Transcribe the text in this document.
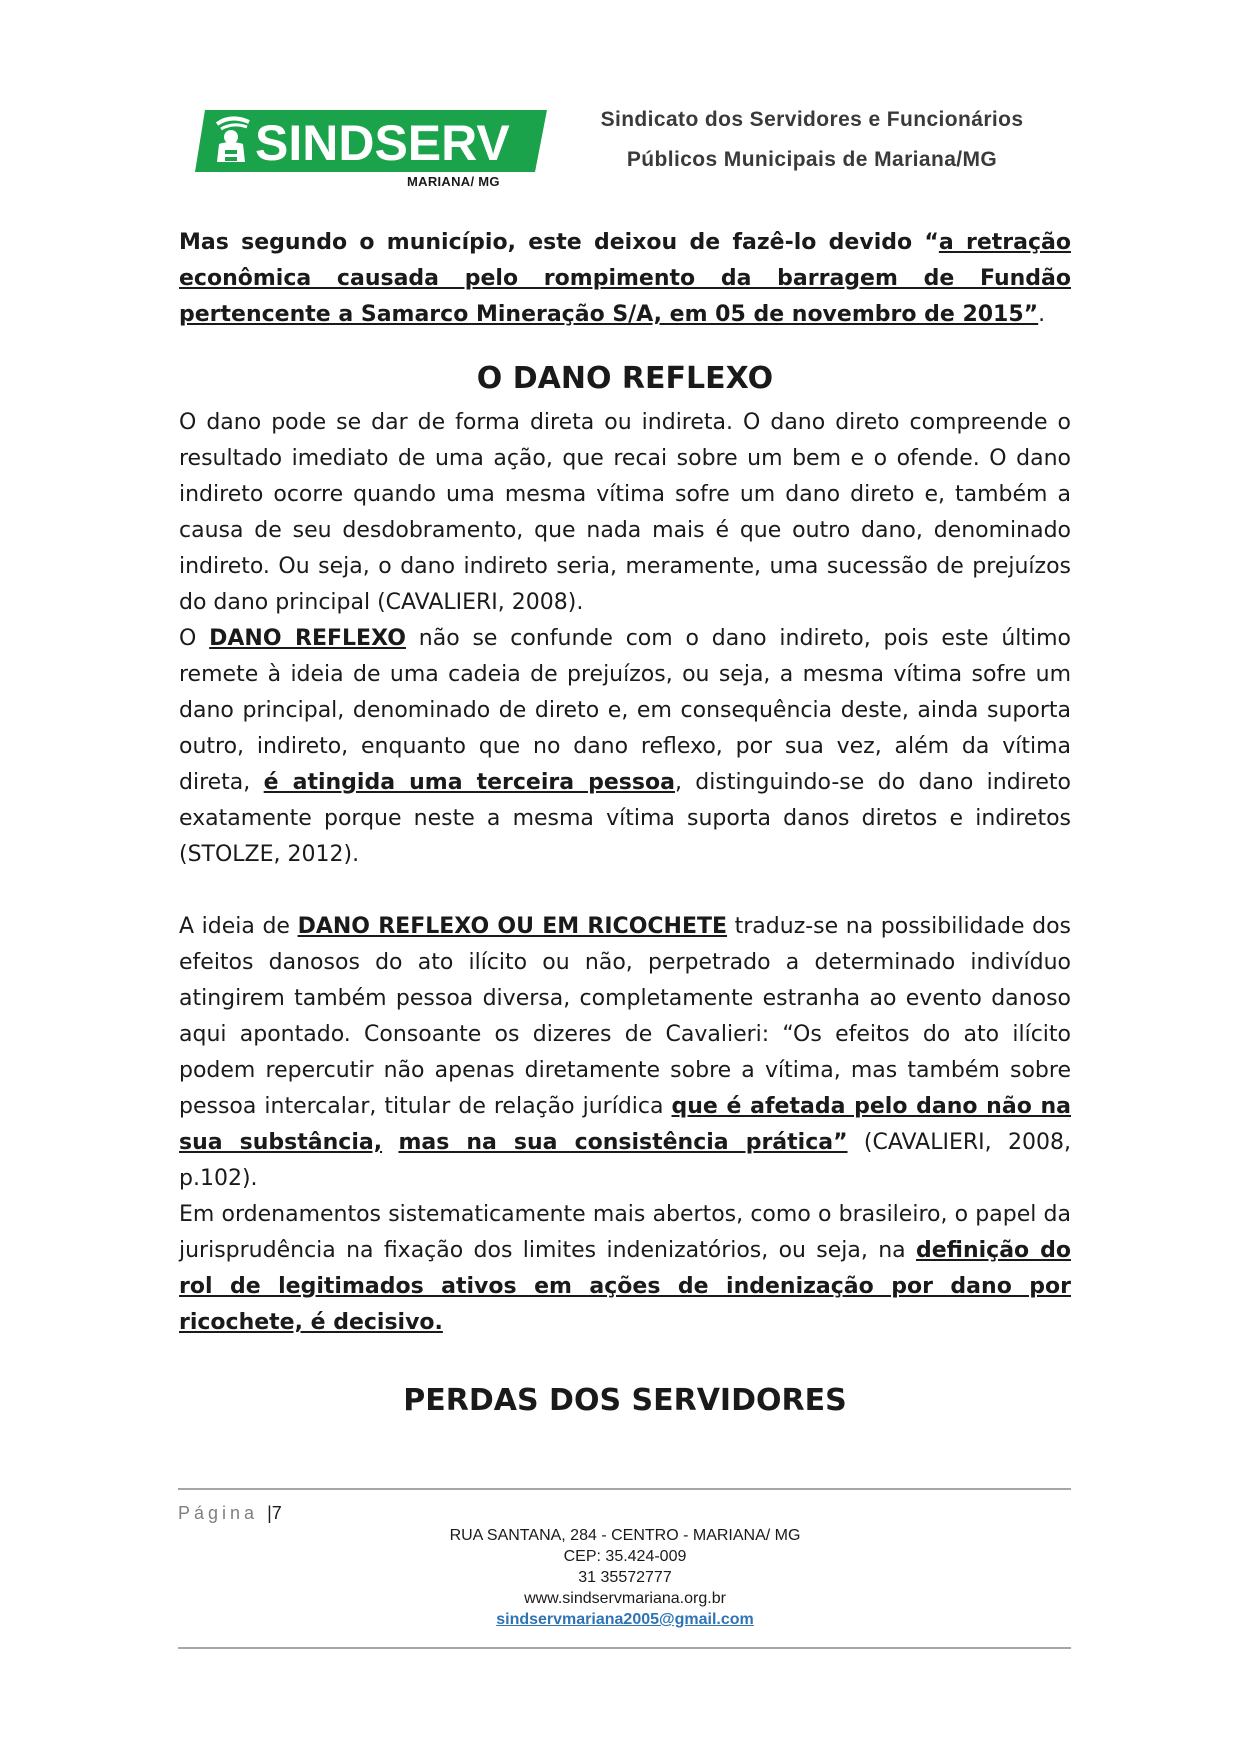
SINDSERV
MARIANA/ MG
Sindicato dos Servidores e Funcionários
Públicos Municipais de Mariana/MG

Mas segundo o município, este deixou de fazê-lo devido “a retração econômica causada pelo rompimento da barragem de Fundão pertencente a Samarco Mineração S/A, em 05 de novembro de 2015”.

O DANO REFLEXO

O dano pode se dar de forma direta ou indireta. O dano direto compreende o resultado imediato de uma ação, que recai sobre um bem e o ofende. O dano indireto ocorre quando uma mesma vítima sofre um dano direto e, também a causa de seu desdobramento, que nada mais é que outro dano, denominado indireto. Ou seja, o dano indireto seria, meramente, uma sucessão de prejuízos do dano principal (CAVALIERI, 2008).

O DANO REFLEXO não se confunde com o dano indireto, pois este último remete à ideia de uma cadeia de prejuízos, ou seja, a mesma vítima sofre um dano principal, denominado de direto e, em consequência deste, ainda suporta outro, indireto, enquanto que no dano reflexo, por sua vez, além da vítima direta, é atingida uma terceira pessoa, distinguindo-se do dano indireto exatamente porque neste a mesma vítima suporta danos diretos e indiretos (STOLZE, 2012).

A ideia de DANO REFLEXO OU EM RICOCHETE traduz-se na possibilidade dos efeitos danosos do ato ilícito ou não, perpetrado a determinado indivíduo atingirem também pessoa diversa, completamente estranha ao evento danoso aqui apontado. Consoante os dizeres de Cavalieri: “Os efeitos do ato ilícito podem repercutir não apenas diretamente sobre a vítima, mas também sobre pessoa intercalar, titular de relação jurídica que é afetada pelo dano não na sua substância, mas na sua consistência prática” (CAVALIERI, 2008, p.102).

Em ordenamentos sistematicamente mais abertos, como o brasileiro, o papel da jurisprudência na fixação dos limites indenizatórios, ou seja, na definição do rol de legitimados ativos em ações de indenização por dano por ricochete, é decisivo.

PERDAS DOS SERVIDORES
Página |7
RUA SANTANA, 284 - CENTRO - MARIANA/ MG
CEP: 35.424-009
31 35572777
www.sindservmariana.org.br
sindservmariana2005@gmail.com
